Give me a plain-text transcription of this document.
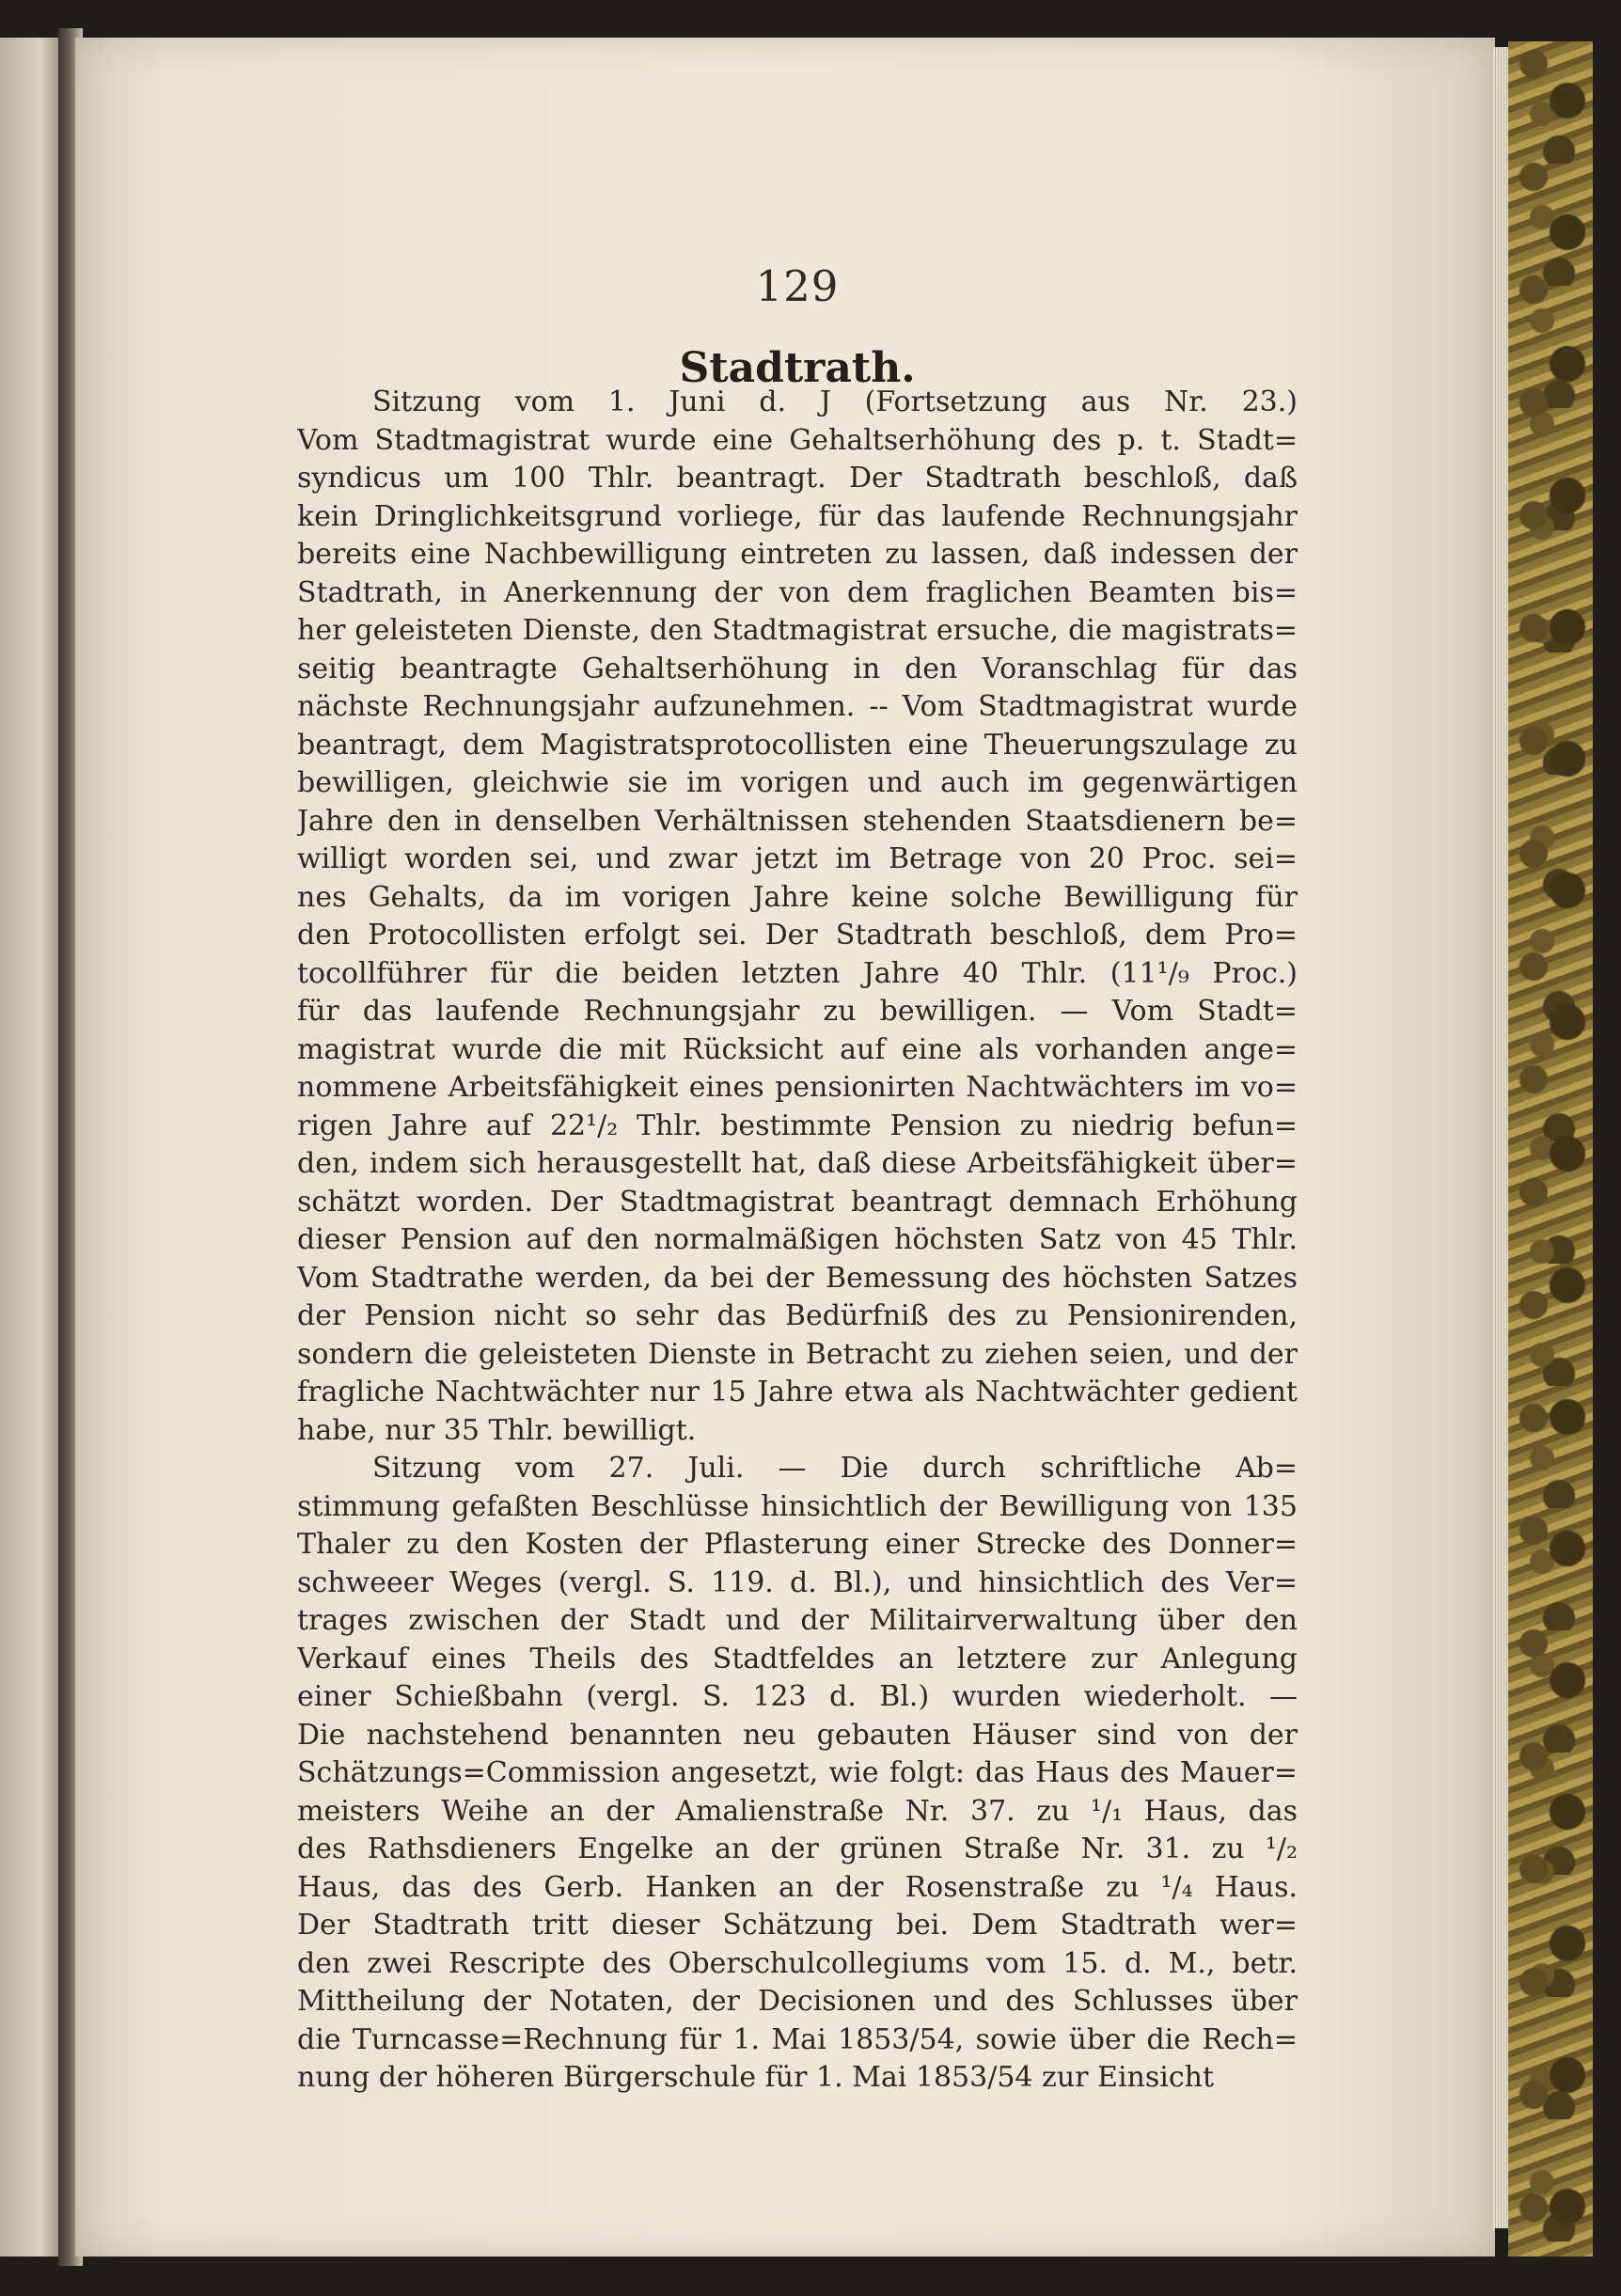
129
Stadtrath.
Sitzung vom 1. Juni d. J (Fortsetzung aus Nr. 23.)
Vom Stadtmagistrat wurde eine Gehaltserhöhung des p. t. Stadt=
syndicus um 100 Thlr. beantragt. Der Stadtrath beschloß, daß
kein Dringlichkeitsgrund vorliege, für das laufende Rechnungsjahr
bereits eine Nachbewilligung eintreten zu lassen, daß indessen der
Stadtrath, in Anerkennung der von dem fraglichen Beamten bis=
her geleisteten Dienste, den Stadtmagistrat ersuche, die magistrats=
seitig beantragte Gehaltserhöhung in den Voranschlag für das
nächste Rechnungsjahr aufzunehmen. -- Vom Stadtmagistrat wurde
beantragt, dem Magistratsprotocollisten eine Theuerungszulage zu
bewilligen, gleichwie sie im vorigen und auch im gegenwärtigen
Jahre den in denselben Verhältnissen stehenden Staatsdienern be=
willigt worden sei, und zwar jetzt im Betrage von 20 Proc. sei=
nes Gehalts, da im vorigen Jahre keine solche Bewilligung für
den Protocollisten erfolgt sei. Der Stadtrath beschloß, dem Pro=
tocollführer für die beiden letzten Jahre 40 Thlr. (11¹/₉ Proc.)
für das laufende Rechnungsjahr zu bewilligen. — Vom Stadt=
magistrat wurde die mit Rücksicht auf eine als vorhanden ange=
nommene Arbeitsfähigkeit eines pensionirten Nachtwächters im vo=
rigen Jahre auf 22¹/₂ Thlr. bestimmte Pension zu niedrig befun=
den, indem sich herausgestellt hat, daß diese Arbeitsfähigkeit über=
schätzt worden. Der Stadtmagistrat beantragt demnach Erhöhung
dieser Pension auf den normalmäßigen höchsten Satz von 45 Thlr.
Vom Stadtrathe werden, da bei der Bemessung des höchsten Satzes
der Pension nicht so sehr das Bedürfniß des zu Pensionirenden,
sondern die geleisteten Dienste in Betracht zu ziehen seien, und der
fragliche Nachtwächter nur 15 Jahre etwa als Nachtwächter gedient
habe, nur 35 Thlr. bewilligt.
Sitzung vom 27. Juli. — Die durch schriftliche Ab=
stimmung gefaßten Beschlüsse hinsichtlich der Bewilligung von 135
Thaler zu den Kosten der Pflasterung einer Strecke des Donner=
schweeer Weges (vergl. S. 119. d. Bl.), und hinsichtlich des Ver=
trages zwischen der Stadt und der Militairverwaltung über den
Verkauf eines Theils des Stadtfeldes an letztere zur Anlegung
einer Schießbahn (vergl. S. 123 d. Bl.) wurden wiederholt. —
Die nachstehend benannten neu gebauten Häuser sind von der
Schätzungs=Commission angesetzt, wie folgt: das Haus des Mauer=
meisters Weihe an der Amalienstraße Nr. 37. zu ¹/₁ Haus, das
des Rathsdieners Engelke an der grünen Straße Nr. 31. zu ¹/₂
Haus, das des Gerb. Hanken an der Rosenstraße zu ¹/₄ Haus.
Der Stadtrath tritt dieser Schätzung bei. Dem Stadtrath wer=
den zwei Rescripte des Oberschulcollegiums vom 15. d. M., betr.
Mittheilung der Notaten, der Decisionen und des Schlusses über
die Turncasse=Rechnung für 1. Mai 1853/54, sowie über die Rech=
nung der höheren Bürgerschule für 1. Mai 1853/54 zur Einsicht
